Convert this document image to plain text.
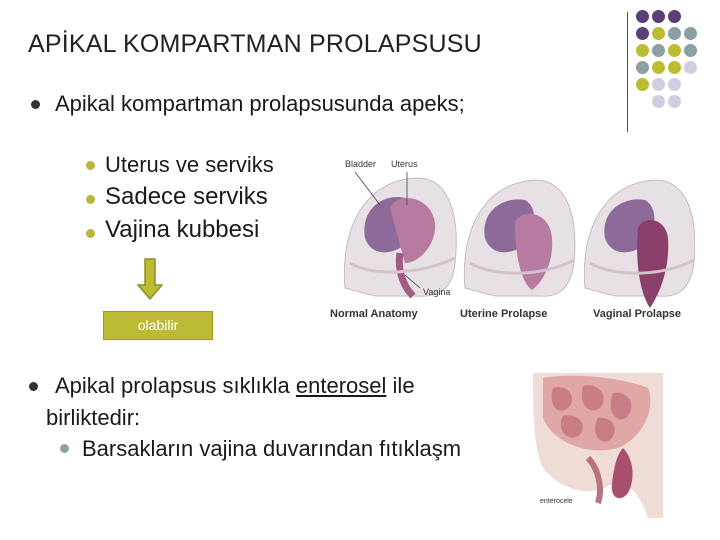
APİKAL KOMPARTMAN PROLAPSUSU
Apikal kompartman prolapsusunda apeks;
Uterus ve serviks
Sadece serviks
Vajina kubbesi
olabilir
Bladder Uterus
Vagina
Normal Anatomy	Uterine Prolapse	Vaginal Prolapse
Apikal prolapsus sıklıkla enterosel ile
birliktedir:
Barsakların vajina duvarından fıtıklaşm
enterocele
